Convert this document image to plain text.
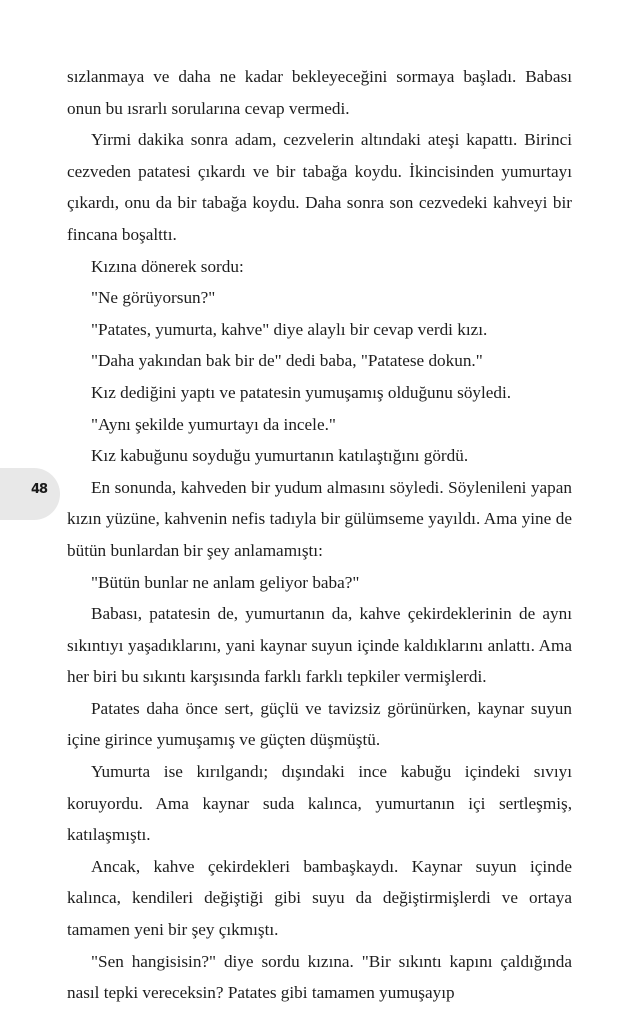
48

sızlanmaya ve daha ne kadar bekleyeceğini sormaya başladı. Babası onun bu ısrarlı sorularına cevap vermedi.

Yirmi dakika sonra adam, cezvelerin altındaki ateşi kapattı. Birinci cezveden patatesi çıkardı ve bir tabağa koydu. İkincisinden yumurtayı çıkardı, onu da bir tabağa koydu. Daha sonra son cezvedeki kahveyi bir fincana boşalttı.

Kızına dönerek sordu:

"Ne görüyorsun?"

"Patates, yumurta, kahve" diye alaylı bir cevap verdi kızı.

"Daha yakından bak bir de" dedi baba, "Patatese dokun."

Kız dediğini yaptı ve patatesin yumuşamış olduğunu söyledi.

"Aynı şekilde yumurtayı da incele."

Kız kabuğunu soyduğu yumurtanın katılaştığını gördü.

En sonunda, kahveden bir yudum almasını söyledi. Söylenileni yapan kızın yüzüne, kahvenin nefis tadıyla bir gülümseme yayıldı. Ama yine de bütün bunlardan bir şey anlamamıştı:

"Bütün bunlar ne anlam geliyor baba?"

Babası, patatesin de, yumurtanın da, kahve çekirdeklerinin de aynı sıkıntıyı yaşadıklarını, yani kaynar suyun içinde kaldıklarını anlattı. Ama her biri bu sıkıntı karşısında farklı farklı tepkiler vermişlerdi.

Patates daha önce sert, güçlü ve tavizsiz görünürken, kaynar suyun içine girince yumuşamış ve güçten düşmüştü.

Yumurta ise kırılgandı; dışındaki ince kabuğu içindeki sıvıyı koruyordu. Ama kaynar suda kalınca, yumurtanın içi sertleşmiş, katılaşmıştı.

Ancak, kahve çekirdekleri bambaşkaydı. Kaynar suyun içinde kalınca, kendileri değiştiği gibi suyu da değiştirmişlerdi ve ortaya tamamen yeni bir şey çıkmıştı.

"Sen hangisisin?" diye sordu kızına. "Bir sıkıntı kapını çaldığında nasıl tepki vereceksin? Patates gibi tamamen yumuşayıp
